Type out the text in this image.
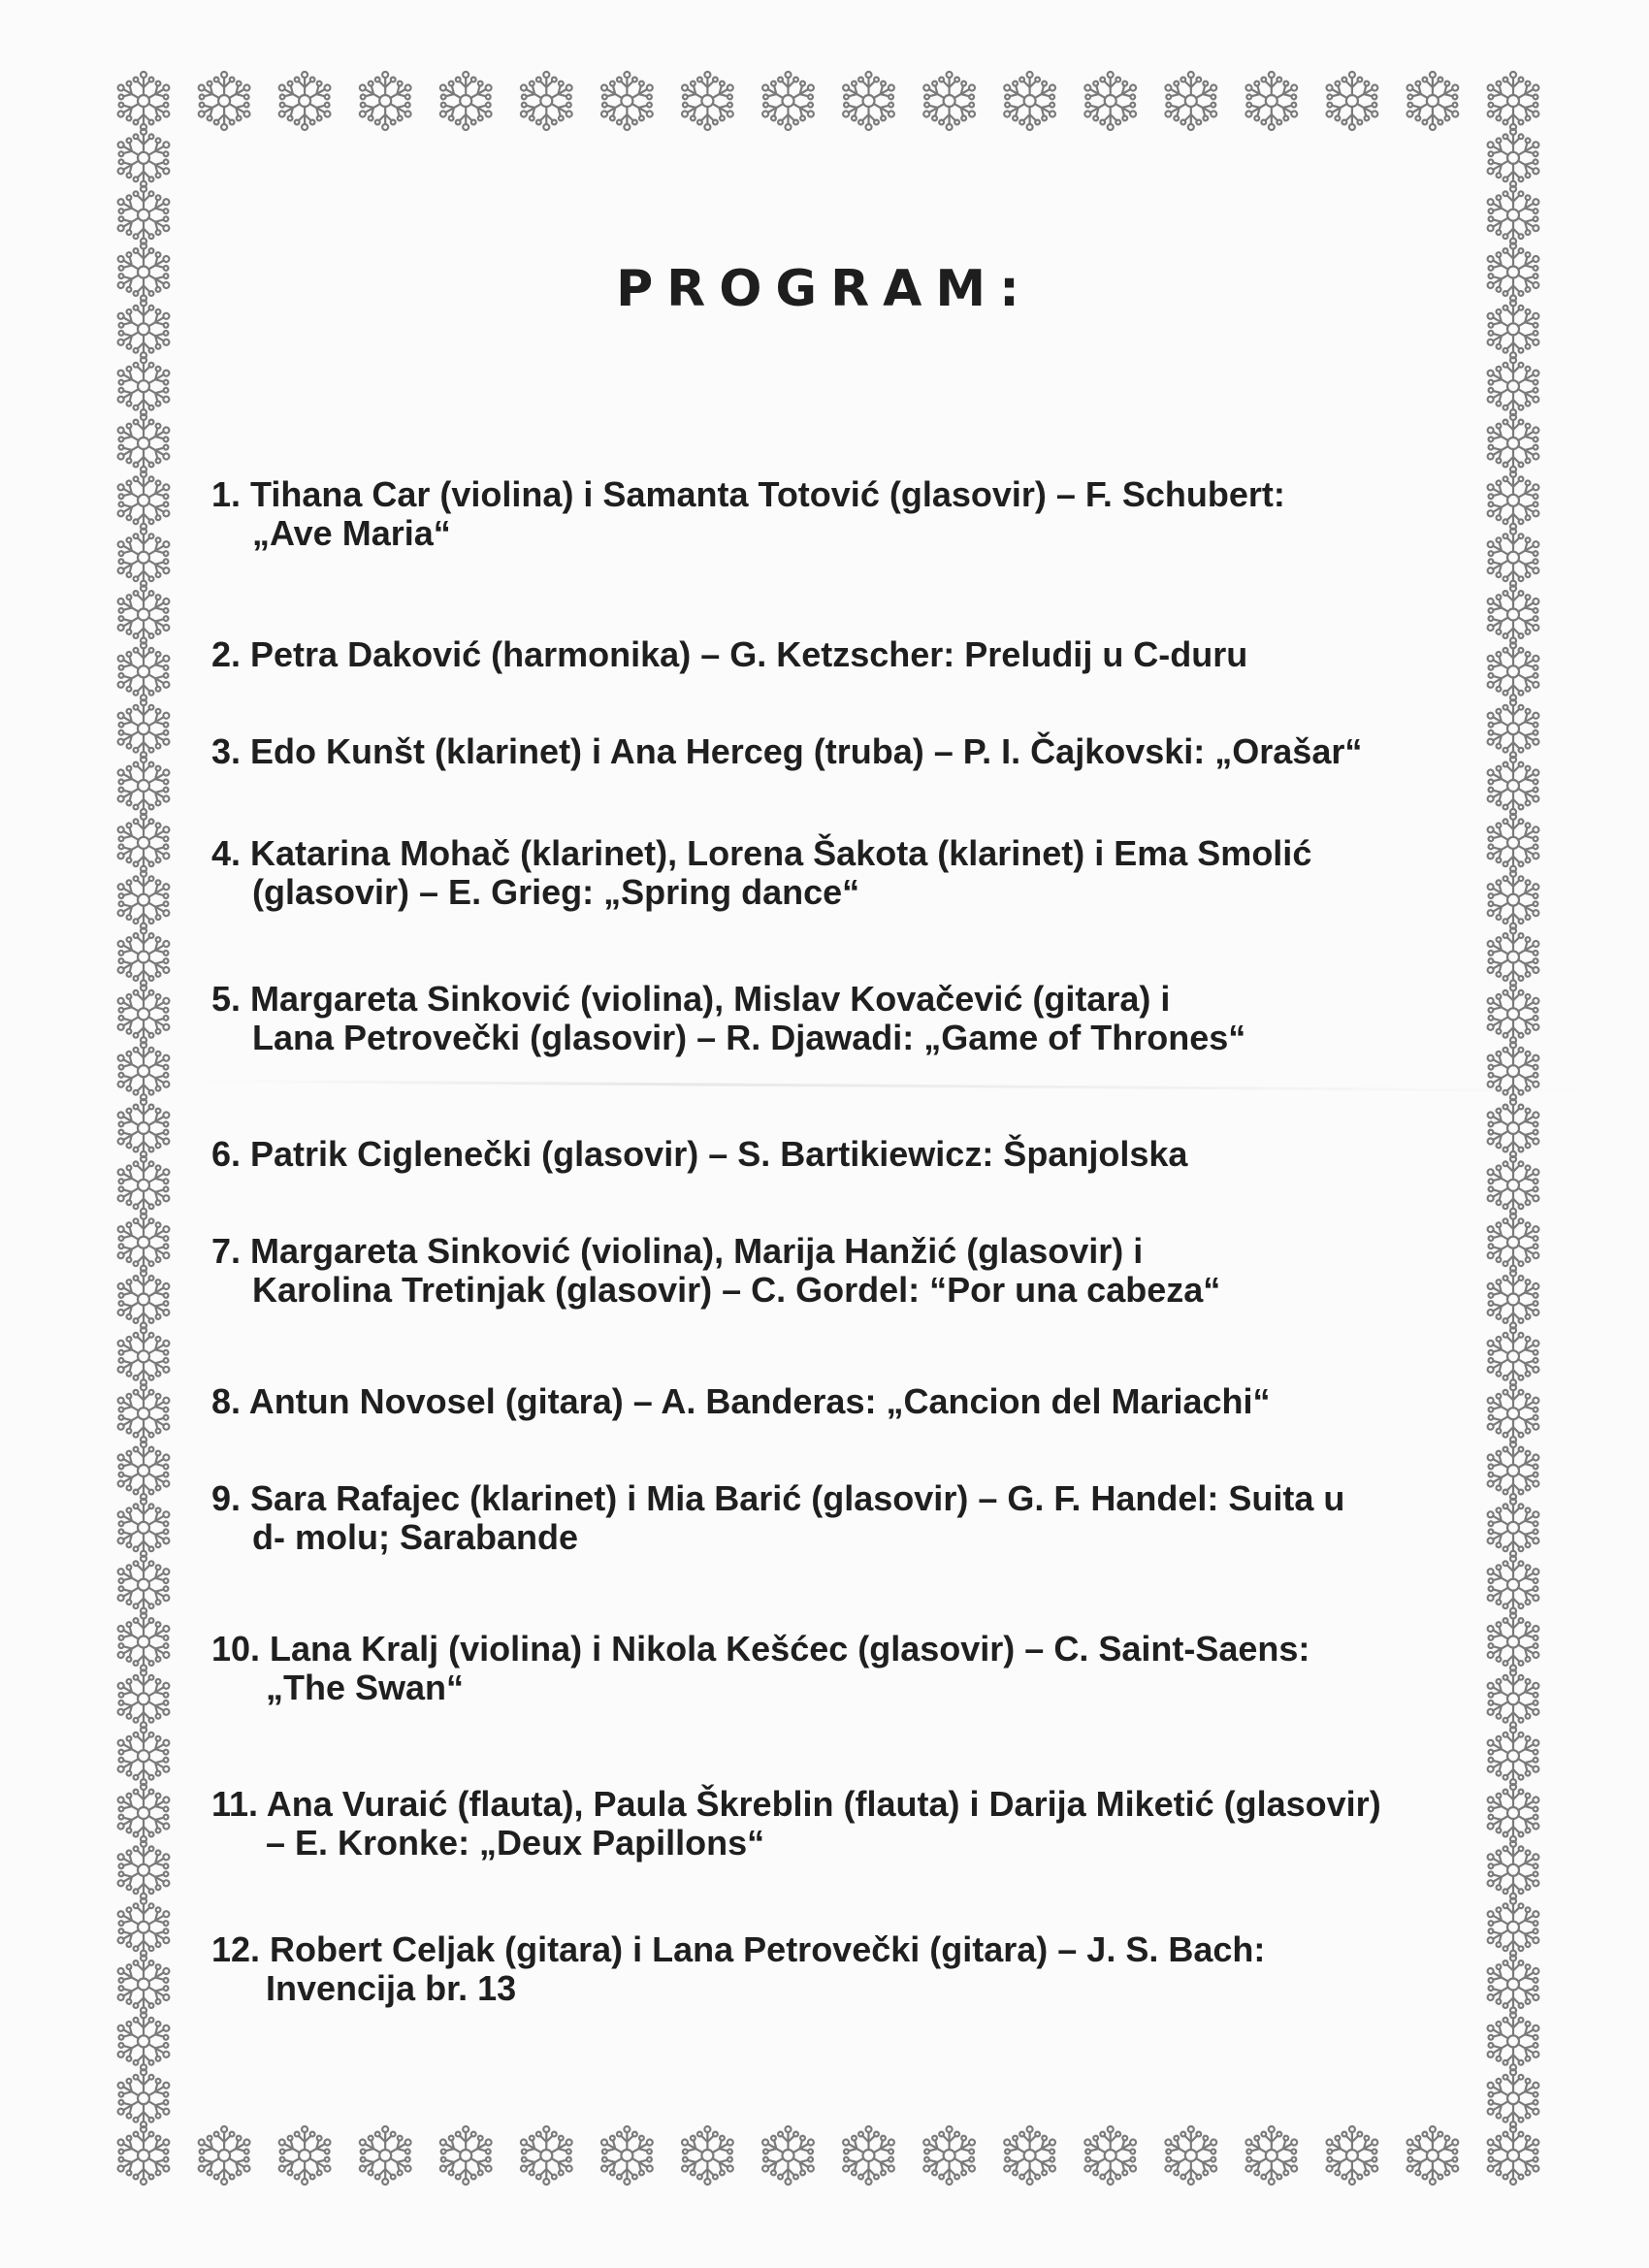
PROGRAM:
1. Tihana Car (violina) i Samanta Totović (glasovir) – F. Schubert:
„Ave Maria“
2. Petra Daković (harmonika) – G. Ketzscher: Preludij u C-duru
3. Edo Kunšt (klarinet) i Ana Herceg (truba) – P. I. Čajkovski: „Orašar“
4. Katarina Mohač (klarinet), Lorena Šakota (klarinet) i Ema Smolić
(glasovir) – E. Grieg: „Spring dance“
5. Margareta Sinković (violina), Mislav Kovačević (gitara) i
Lana Petrovečki (glasovir) – R. Djawadi: „Game of Thrones“
6. Patrik Ciglenečki (glasovir) – S. Bartikiewicz: Španjolska
7. Margareta Sinković (violina), Marija Hanžić (glasovir) i
Karolina Tretinjak (glasovir) – C. Gordel: “Por una cabeza“
8. Antun Novosel (gitara) – A. Banderas: „Cancion del Mariachi“
9. Sara Rafajec (klarinet) i Mia Barić (glasovir) – G. F. Handel: Suita u
d- molu; Sarabande
10. Lana Kralj (violina) i Nikola Kešćec (glasovir) – C. Saint-Saens:
„The Swan“
11. Ana Vuraić (flauta), Paula Škreblin (flauta) i Darija Miketić (glasovir)
– E. Kronke: „Deux Papillons“
12. Robert Celjak (gitara) i Lana Petrovečki (gitara) – J. S. Bach:
Invencija br. 13
